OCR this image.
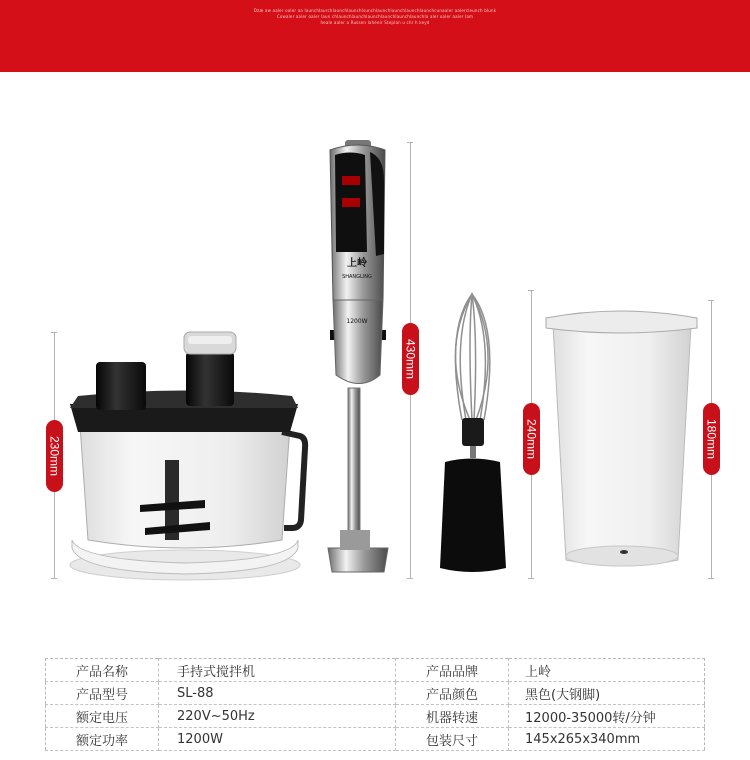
Dzæ aw aaler oaler aa launchlaurchlaunchlaunchlsunchlaunchlaunchlaunchlaunchcunaaler aalercleunch blunk
Cowaler aaler oaler laun chlaunchlaunchlaunchlaunchlaunchlaunchla aler oaler aaler lam
heale aaler a Russen laheeir Steplan u chr h keyd
230mm
430mm
240mm	180mm
上岭
SHANGLING
1200W
产品名称	手持式搅拌机	产品品牌	上岭
产品型号	SL-88	产品颜色	黑色(大钢脚)
额定电压	220V~50Hz	机器转速	12000-35000转/分钟
额定功率	1200W	包装尺寸	145x265x340mm
